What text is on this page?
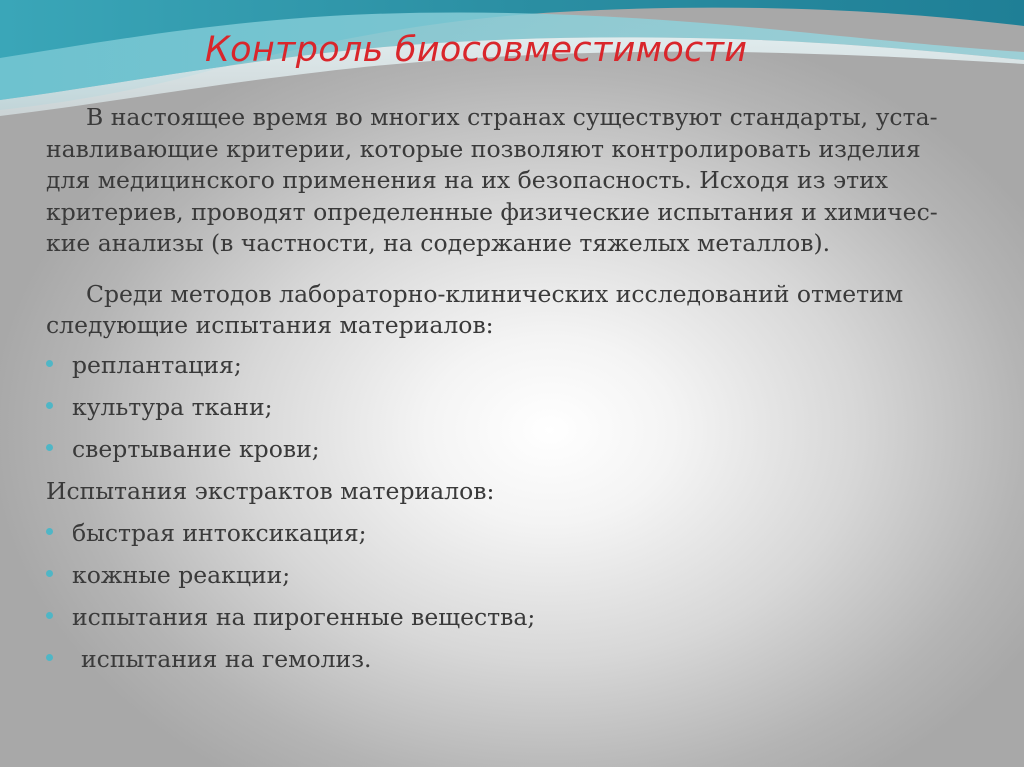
Контроль биосовместимости

В настоящее время во многих странах существуют стандарты, уста-
навливающие критерии, которые позволяют контролировать изделия
для медицинского применения на их безопасность. Исходя из этих
критериев, проводят определенные физические испытания и химичес-
кие анализы (в частности, на содержание тяжелых металлов).

Среди методов лабораторно-клинических исследований отметим
следующие испытания материалов:

реплантация;
культура ткани;
свертывание крови;
Испытания экстрактов материалов:
быстрая интоксикация;
кожные реакции;
испытания на пирогенные вещества;
испытания на гемолиз.
